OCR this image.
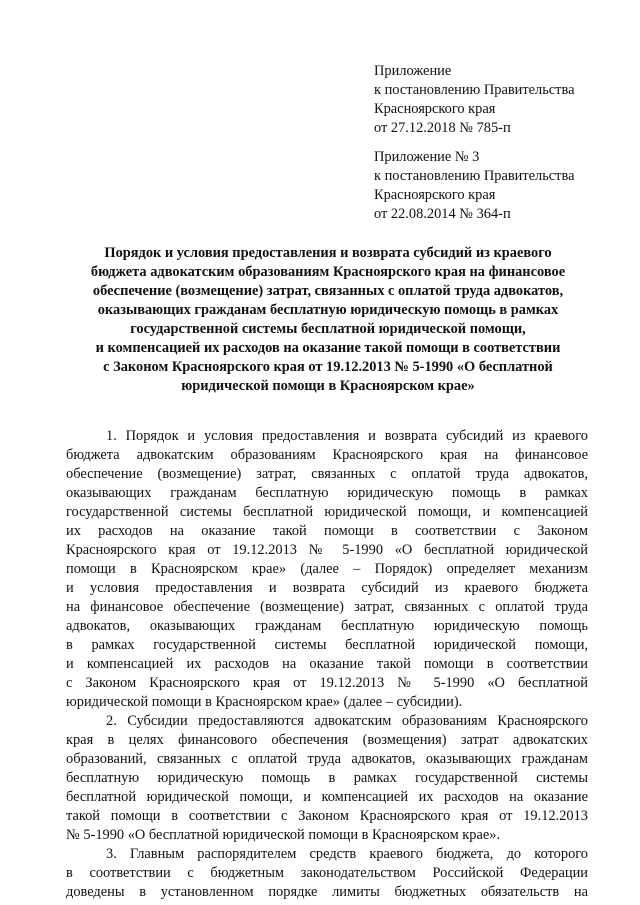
Приложение
к постановлению Правительства
Красноярского края
от 27.12.2018 № 785-п
Приложение № 3
к постановлению Правительства
Красноярского края
от 22.08.2014 № 364-п
Порядок и условия предоставления и возврата субсидий из краевого
бюджета адвокатским образованиям Красноярского края на финансовое
обеспечение (возмещение) затрат, связанных с оплатой труда адвокатов,
оказывающих гражданам бесплатную юридическую помощь в рамках
государственной системы бесплатной юридической помощи,
и компенсацией их расходов на оказание такой помощи в соответствии
с Законом Красноярского края от 19.12.2013 № 5-1990 «О бесплатной
юридической помощи в Красноярском крае»

1. Порядок и условия предоставления и возврата субсидий из краевого
бюджета адвокатским образованиям Красноярского края на финансовое
обеспечение (возмещение) затрат, связанных с оплатой труда адвокатов,
оказывающих гражданам бесплатную юридическую помощь в рамках
государственной системы бесплатной юридической помощи, и компенсацией
их расходов на оказание такой помощи в соответствии с Законом
Красноярского края от 19.12.2013 № 5-1990 «О бесплатной юридической
помощи в Красноярском крае» (далее – Порядок) определяет механизм
и условия предоставления и возврата субсидий из краевого бюджета
на финансовое обеспечение (возмещение) затрат, связанных с оплатой труда
адвокатов, оказывающих гражданам бесплатную юридическую помощь
в рамках государственной системы бесплатной юридической помощи,
и компенсацией их расходов на оказание такой помощи в соответствии
с Законом Красноярского края от 19.12.2013 № 5-1990 «О бесплатной
юридической помощи в Красноярском крае» (далее – субсидии).

2. Субсидии предоставляются адвокатским образованиям Красноярского
края в целях финансового обеспечения (возмещения) затрат адвокатских
образований, связанных с оплатой труда адвокатов, оказывающих гражданам
бесплатную юридическую помощь в рамках государственной системы
бесплатной юридической помощи, и компенсацией их расходов на оказание
такой помощи в соответствии с Законом Красноярского края от 19.12.2013
№ 5-1990 «О бесплатной юридической помощи в Красноярском крае».

3. Главным распорядителем средств краевого бюджета, до которого
в соответствии с бюджетным законодательством Российской Федерации
доведены в установленном порядке лимиты бюджетных обязательств на
